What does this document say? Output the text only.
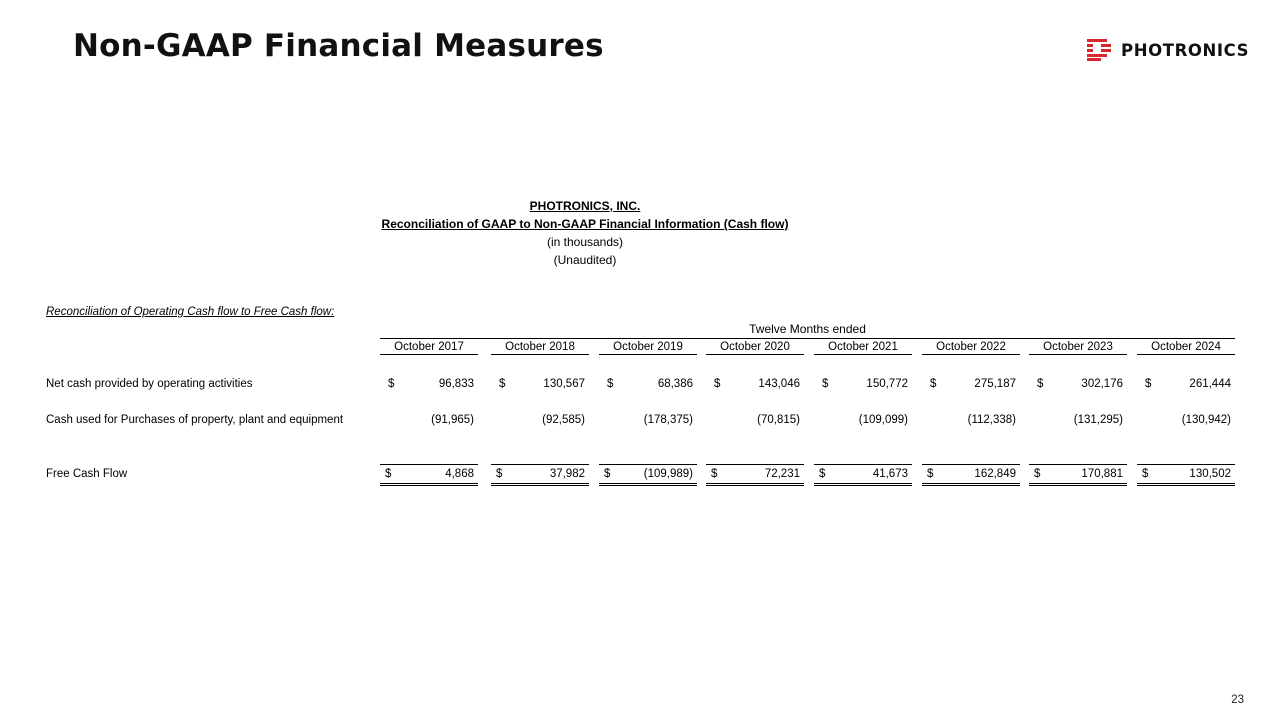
Non-GAAP Financial Measures	PHOTRONICS
PHOTRONICS, INC.
Reconciliation of GAAP to Non-GAAP Financial Information (Cash flow)
(in thousands)
(Unaudited)
Reconciliation of Operating Cash flow to Free Cash flow:
Twelve Months ended
October 2017	October 2018	October 2019	October 2020	October 2021	October 2022	October 2023	October 2024
Net cash provided by operating activities	$	96,833 $	130,567 $	68,386 $	143,046 $	150,772 $	275,187 $	302,176 $	261,444
Cash used for Purchases of property, plant and equipment	(91,965)	(92,585)	(178,375)	(70,815)	(109,099)	(112,338)	(131,295)	(130,942)
Free Cash Flow	$	4,868 $	37,982 $	(109,989) $	72,231 $	41,673 $	162,849 $	170,881 $	130,502
23
